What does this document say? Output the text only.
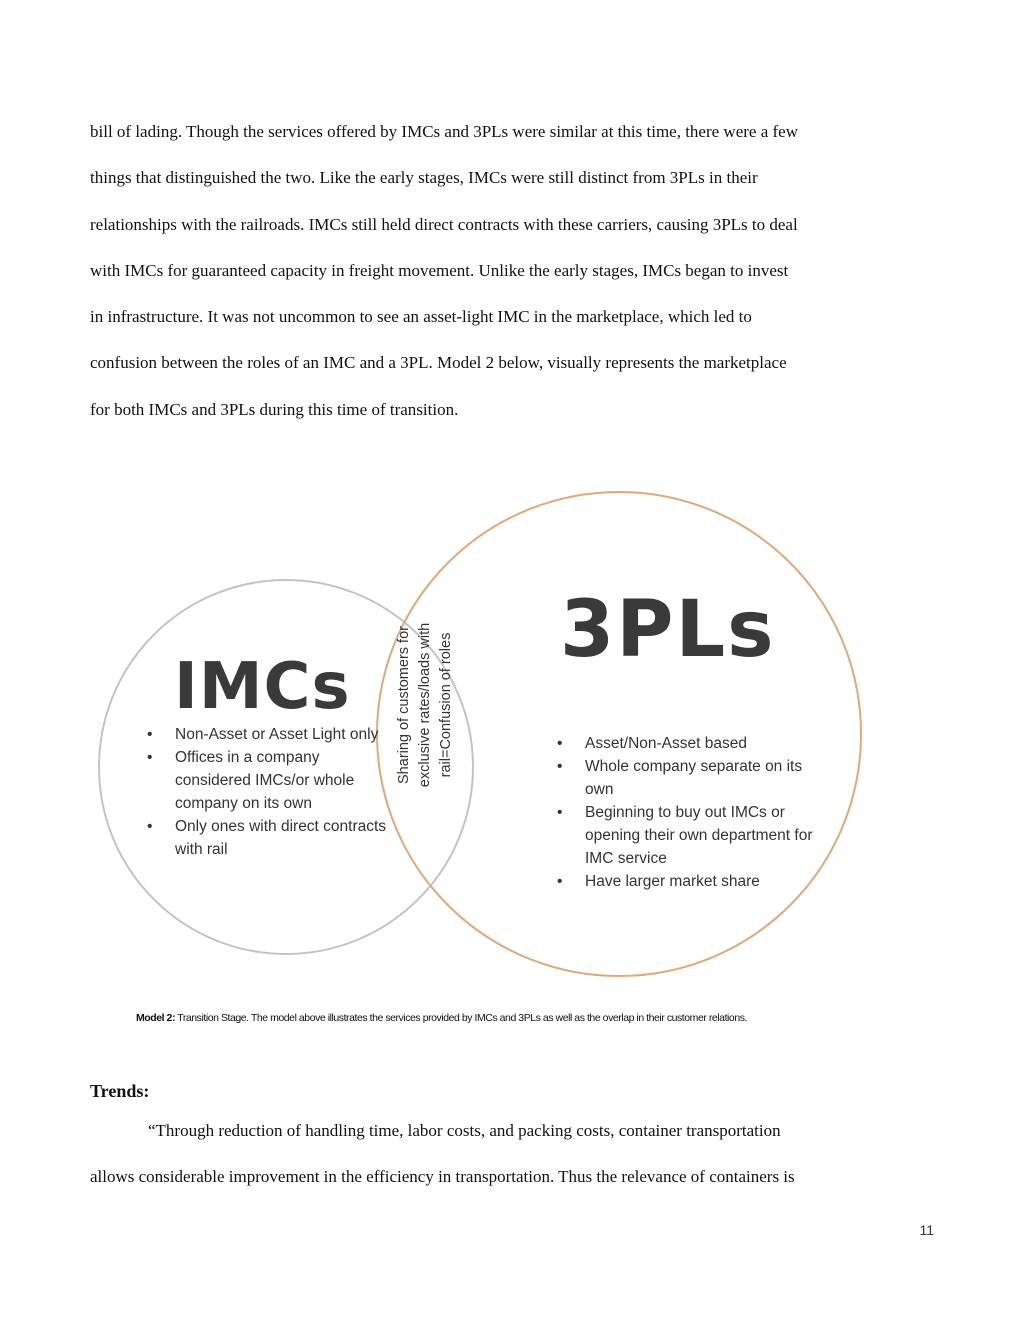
bill of lading. Though the services offered by IMCs and 3PLs were similar at this time, there were a few
things that distinguished the two. Like the early stages, IMCs were still distinct from 3PLs in their
relationships with the railroads. IMCs still held direct contracts with these carriers, causing 3PLs to deal
with IMCs for guaranteed capacity in freight movement. Unlike the early stages, IMCs began to invest
in infrastructure. It was not uncommon to see an asset-light IMC in the marketplace, which led to
confusion between the roles of an IMC and a 3PL. Model 2 below, visually represents the marketplace
for both IMCs and 3PLs during this time of transition.

IMCs
3PLs
• Non-Asset or Asset Light only
• Offices in a company considered IMCs/or whole company on its own
• Only ones with direct contracts with rail
• Asset/Non-Asset based
• Whole company separate on its own
• Beginning to buy out IMCs or opening their own department for IMC service
• Have larger market share
Sharing of customers for exclusive rates/loads with rail=Confusion of roles
Model 2: Transition Stage. The model above illustrates the services provided by IMCs and 3PLs as well as the overlap in their customer relations.
Trends:

“Through reduction of handling time, labor costs, and packing costs, container transportation
allows considerable improvement in the efficiency in transportation. Thus the relevance of containers is

11
